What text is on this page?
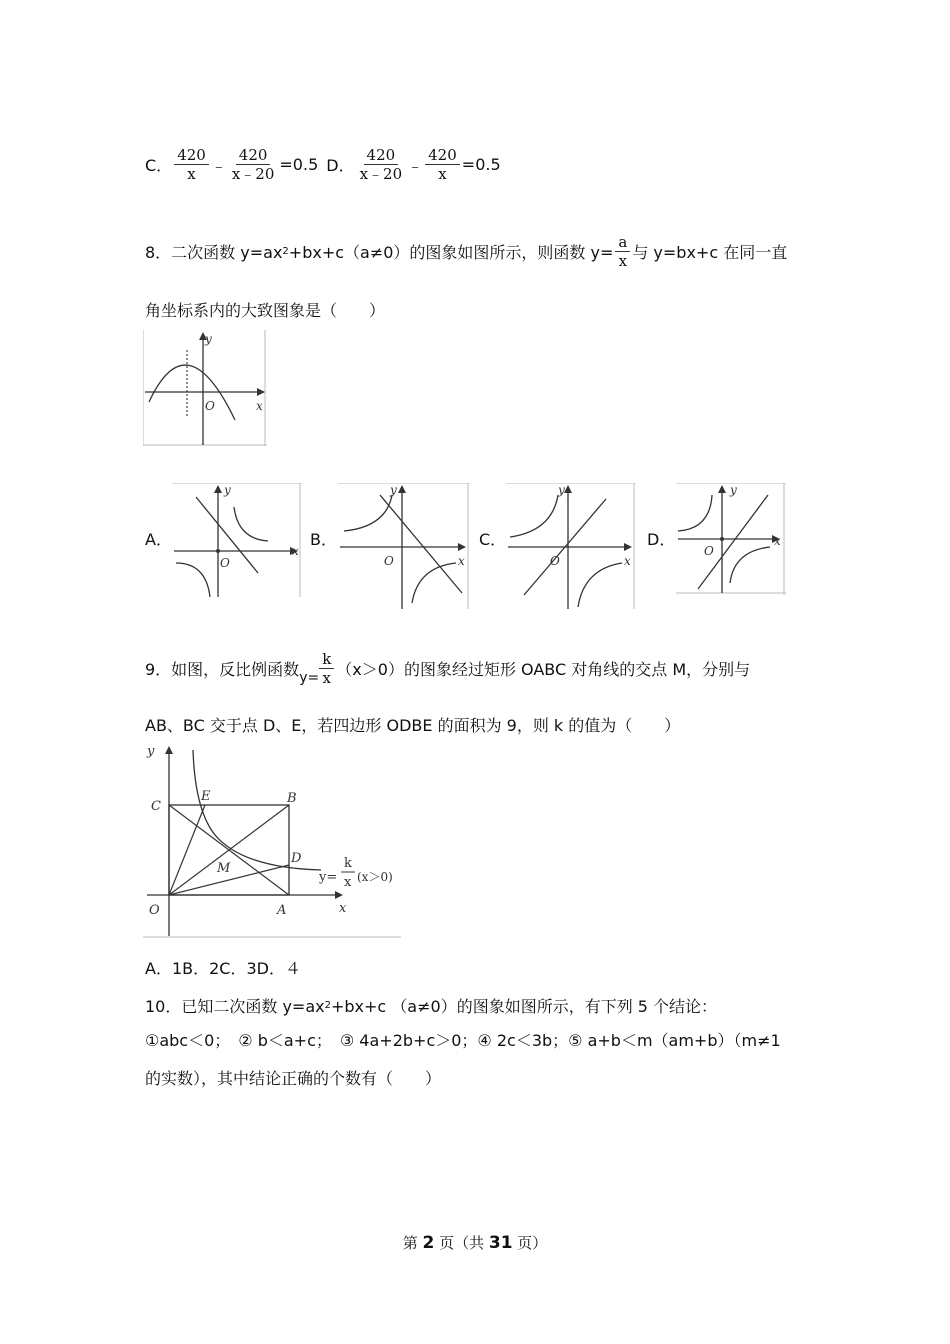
C． $\frac{420}{x}$ ﹣ $\frac{420}{x﹣20} =0.5$ D． $\frac{420}{x﹣20}$ ﹣ $\frac{420}{x} =0.5$
8．二次函数 y=ax 2 +bx+c（a≠0）的图象如图所示，则函数 $y= \frac{a}{x}$ 与 y=bx+c 在同一直
角坐标系内的大致图象是（　　）
y
x
O
A．
y
x
O
B．
y
x
O
C．
y
x
O
D．
y
x
O
9．如图，反比例函数 $y= \frac{k}{x} (x>0)$的图象经过矩形 OABC 对角线的交点 M，分别与
AB、BC 交于点 D、E，若四边形 ODBE 的面积为 9，则 k 的值为（　　）
y
x
O	A
B
C
D
E
M
y=
k
x (x＞0)
A．1B．2C．3D．４
10．已知二次函数 y=ax 2 +bx+c （a≠0）的图象如图所示，有下列 5 个结论：
①abc＜0；　② b＜a+c；　③ 4a+2b+c＞0；④ 2c＜3b；⑤ a+b＜m（am+b）（m≠1
的实数），其中结论正确的个数有（　　）
第 2 页（共 31 页）
